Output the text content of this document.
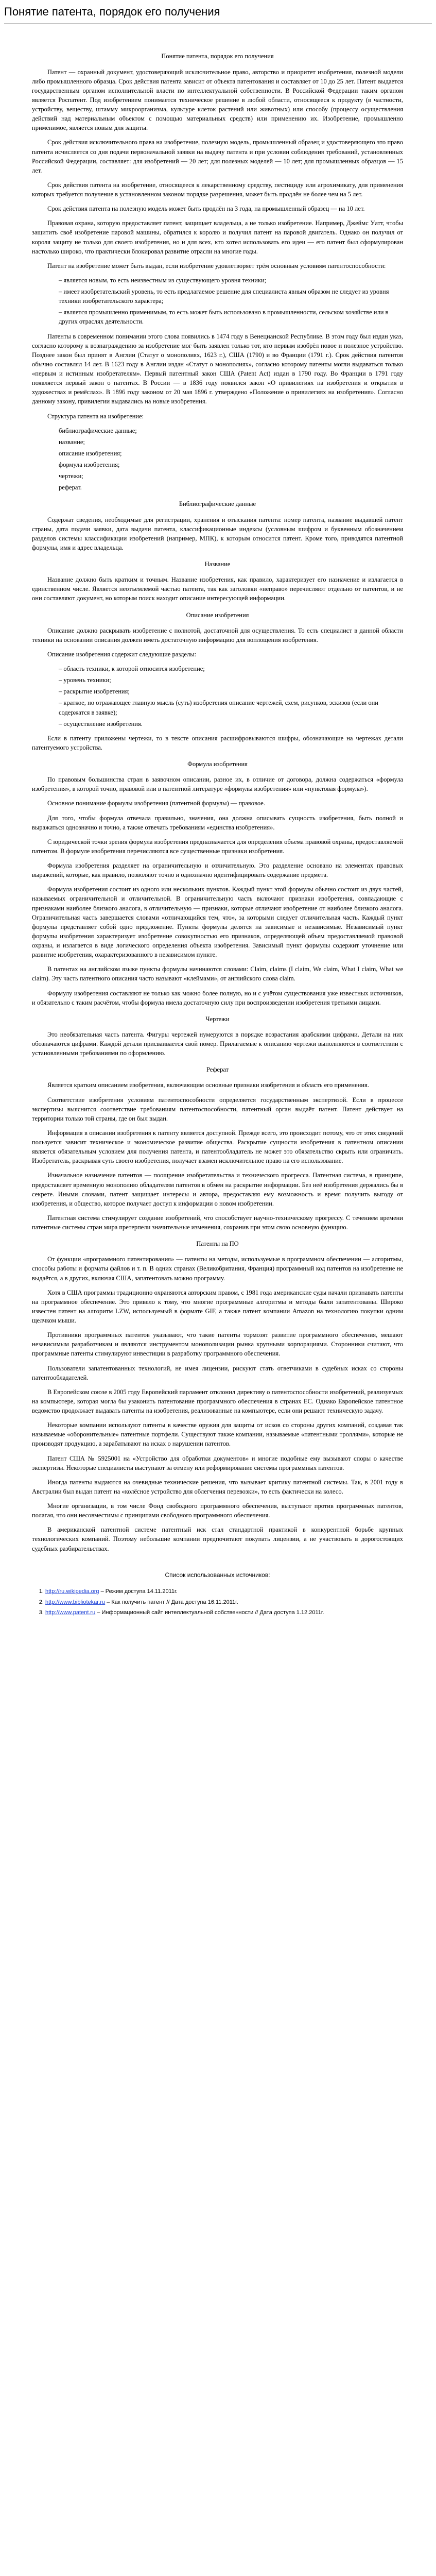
Понятие патента, порядок его получения

Понятие патента, порядок его получения

Патент — охранный документ, удостоверяющий исключительное право, авторство и приоритет изобретения, полезной модели либо промышленного образца. Срок действия патента зависит от объекта патентования и составляет от 10 до 25 лет. Патент выдается государственным органом исполнительной власти по интеллектуальной собственности. В Российской Федерации таким органом является Роспатент. Под изобретением понимается техническое решение в любой области, относящееся к продукту (в частности, устройству, веществу, штамму микроорганизма, культуре клеток растений или животных) или способу (процессу осуществления действий над материальным объектом с помощью материальных средств) или применению их. Изобретение, промышленно применимое, является новым для защиты.

Срок действия исключительного права на изобретение, полезную модель, промышленный образец и удостоверяющего это право патента исчисляется со дня подачи первоначальной заявки на выдачу патента и при условии соблюдения требований, установленных Российской Федерации, составляет: для изобретений — 20 лет; для полезных моделей — 10 лет; для промышленных образцов — 15 лет.

Срок действия патента на изобретение, относящееся к лекарственному средству, пестициду или агрохимикату, для применения которых требуется получение в установленном законом порядке разрешения, может быть продлён не более чем на 5 лет.

Срок действия патента на полезную модель может быть продлён на 3 года, на промышленный образец — на 10 лет.

Правовая охрана, которую предоставляет патент, защищает владельца, а не только изобретение. Например, Джеймс Уатт, чтобы защитить своё изобретение паровой машины, обратился к королю и получил патент на паровой двигатель. Однако он получил от короля защиту не только для своего изобретения, но и для всех, кто хотел использовать его идеи — его патент был сформулирован настолько широко, что практически блокировал развитие отрасли на многие годы.

Патент на изобретение может быть выдан, если изобретение удовлетворяет трём основным условиям патентоспособности:

– является новым, то есть неизвестным из существующего уровня техники;
– имеет изобретательский уровень, то есть предлагаемое решение для специалиста явным образом не следует из уровня техники изобретательского характера;
– является промышленно применимым, то есть может быть использовано в промышленности, сельском хозяйстве или в других отраслях деятельности.

Патенты в современном понимании этого слова появились в 1474 году в Венецианской Республике. В этом году был издан указ, согласно которому к вознаграждению за изобретение мог быть заявлен только тот, кто первым изобрёл новое и полезное устройство. Позднее закон был принят в Англии (Статут о монополиях, 1623 г.), США (1790) и во Франции (1791 г.). Срок действия патентов обычно составлял 14 лет. В 1623 году в Англии издан «Статут о монополиях», согласно которому патенты могли выдаваться только «первым и истинным изобретателям». Первый патентный закон США (Patent Act) издан в 1790 году. Во Франции в 1791 году появляется первый закон о патентах. В России — в 1836 году появился закон «О привилегиях на изобретения и открытия в художествах и ремёслах». В 1896 году законом от 20 мая 1896 г. утверждено «Положение о привилегиях на изобретения». Согласно данному закону, привилегии выдавались на новые изобретения.

Структура патента на изобретение:

библиографические данные;
название;
описание изобретения;
формула изобретения;
чертежи;
реферат.

Библиографические данные

Содержат сведения, необходимые для регистрации, хранения и отыскания патента: номер патента, название выдавшей патент страны, дата подачи заявки, дата выдачи патента, классификационные индексы (условным шифром и буквенным обозначением разделов системы классификации изобретений (например, МПК), к которым относится патент. Кроме того, приводятся патентной формулы, имя и адрес владельца.

Название

Название должно быть кратким и точным. Название изобретения, как правило, характеризует его назначение и излагается в единственном числе. Является неотъемлемой частью патента, так как заголовки «неправо» перечисляют отдельно от патентов, и не они составляют документ, но которым поиск находит описание интересующей информации.

Описание изобретения

Описание должно раскрывать изобретение с полнотой, достаточной для осуществления. То есть специалист в данной области техники на основании описания должен иметь достаточную информацию для воплощения изобретения.

Описание изобретения содержит следующие разделы:

– область техники, к которой относится изобретение;
– уровень техники;
– раскрытие изобретения;
– краткое, но отражающее главную мысль (суть) изобретения описание чертежей, схем, рисунков, эскизов (если они содержатся в заявке);
– осуществление изобретения.

Если в патенту приложены чертежи, то в тексте описания расшифровываются шифры, обозначающие на чертежах детали патентуемого устройства.

Формула изобретения

По правовым большинства стран в заявочном описании, разное их, в отличие от договора, должна содержаться «формула изобретения», в которой точно, правовой или в патентной литературе «формулы изобретения» или «пунктовая формула»).

Основное понимание формулы изобретения (патентной формулы) — правовое.

Для того, чтобы формула отвечала правильно, значения, она должна описывать сущность изобретения, быть полной и выражаться однозначно и точно, а также отвечать требованиям «единства изобретения».

С юридической точки зрения формула изобретения предназначается для определения объема правовой охраны, предоставляемой патентом. В формуле изобретения перечисляются все существенные признаки изобретения.

Формула изобретения разделяет на ограничительную и отличительную. Это разделение основано на элементах правовых выражений, которые, как правило, позволяют точно и однозначно идентифицировать содержание предмета.

Формула изобретения состоит из одного или нескольких пунктов. Каждый пункт этой формулы обычно состоит из двух частей, называемых ограничительной и отличительной. В ограничительную часть включают признаки изобретения, совпадающие с признаками наиболее близкого аналога, в отличительную — признаки, которые отличают изобретение от наиболее близкого аналога. Ограничительная часть завершается словами «отличающийся тем, что», за которыми следует отличительная часть. Каждый пункт формулы представляет собой одно предложение. Пункты формулы делятся на зависимые и независимые. Независимый пункт формулы изобретения характеризует изобретение совокупностью его признаков, определяющей объем предоставляемой правовой охраны, и излагается в виде логического определения объекта изобретения. Зависимый пункт формулы содержит уточнение или развитие изобретения, охарактеризованного в независимом пункте.

В патентах на английском языке пункты формулы начинаются словами: Claim, claims (I claim, We claim, What I claim, What we claim). Эту часть патентного описания часто называют «клеймами», от английского слова claim.

Формулу изобретения составляют не только как можно более полную, но и с учётом существования уже известных источников, и обязательно с таким расчётом, чтобы формула имела достаточную силу при воспроизведении изобретения третьими лицами.

Чертежи

Это необязательная часть патента. Фигуры чертежей нумеруются в порядке возрастания арабскими цифрами. Детали на них обозначаются цифрами. Каждой детали присваивается свой номер. Прилагаемые к описанию чертежи выполняются в соответствии с установленными требованиями по оформлению.

Реферат

Является кратким описанием изобретения, включающим основные признаки изобретения и область его применения.

Соответствие изобретения условиям патентоспособности определяется государственным экспертизой. Если в процессе экспертизы выяснится соответствие требованиям патентоспособности, патентный орган выдаёт патент. Патент действует на территории только той страны, где он был выдан.

Информация в описании изобретения к патенту является доступной. Прежде всего, это происходит потому, что от этих сведений пользуется зависит техническое и экономическое развитие общества. Раскрытие сущности изобретения в патентном описании является обязательным условием для получения патента, и патентообладатель не может это обязательство скрыть или ограничить. Изобретатель, раскрывая суть своего изобретения, получает взамен исключительное право на его использование.

Изначальное назначение патентов — поощрение изобретательства и технического прогресса. Патентная система, в принципе, предоставляет временную монополию обладателям патентов в обмен на раскрытие информации. Без неё изобретения держались бы в секрете. Иными словами, патент защищает интересы и автора, предоставляя ему возможность и время получить выгоду от изобретения, и общество, которое получает доступ к информации о новом изобретении.

Патентная система стимулирует создание изобретений, что способствует научно-техническому прогрессу. С течением времени патентные системы стран мира претерпели значительные изменения, сохранив при этом свою основную функцию.

Патенты на ПО

От функции «программного патентирования» — патенты на методы, используемые в программном обеспечении — алгоритмы, способы работы и форматы файлов и т. п. В одних странах (Великобритания, Франция) программный код патентов на изобретение не выдаётся, а в других, включая США, запатентовать можно программу.

Хотя в США программы традиционно охраняются авторским правом, с 1981 года американские суды начали признавать патенты на программное обеспечение. Это привело к тому, что многие программные алгоритмы и методы были запатентованы. Широко известен патент на алгоритм LZW, используемый в формате GIF, а также патент компании Amazon на технологию покупки одним щелчком мыши.

Противники программных патентов указывают, что такие патенты тормозят развитие программного обеспечения, мешают независимым разработчикам и являются инструментом монополизации рынка крупными корпорациями. Сторонники считают, что программные патенты стимулируют инвестиции в разработку программного обеспечения.

Пользователи запатентованных технологий, не имея лицензии, рискуют стать ответчиками в судебных исках со стороны патентообладателей.

В Европейском союзе в 2005 году Европейский парламент отклонил директиву о патентоспособности изобретений, реализуемых на компьютере, которая могла бы узаконить патентование программного обеспечения в странах ЕС. Однако Европейское патентное ведомство продолжает выдавать патенты на изобретения, реализованные на компьютере, если они решают техническую задачу.

Некоторые компании используют патенты в качестве оружия для защиты от исков со стороны других компаний, создавая так называемые «оборонительные» патентные портфели. Существуют также компании, называемые «патентными троллями», которые не производят продукцию, а зарабатывают на исках о нарушении патентов.

Патент США № 5925001 на «Устройство для обработки документов» и многие подобные ему вызывают споры о качестве экспертизы. Некоторые специалисты выступают за отмену или реформирование системы программных патентов.

Иногда патенты выдаются на очевидные технические решения, что вызывает критику патентной системы. Так, в 2001 году в Австралии был выдан патент на «колёсное устройство для облегчения перевозки», то есть фактически на колесо.

Многие организации, в том числе Фонд свободного программного обеспечения, выступают против программных патентов, полагая, что они несовместимы с принципами свободного программного обеспечения.

В американской патентной системе патентный иск стал стандартной практикой в конкурентной борьбе крупных технологических компаний. Поэтому небольшие компании предпочитают покупать лицензии, а не участвовать в дорогостоящих судебных разбирательствах.

Список использованных источников:

1. http://ru.wikipedia.org – Режим доступа 14.11.2011г.
2. http://www.bibliotekar.ru – Как получить патент // Дата доступа 16.11.2011г.
3. http://www.patent.ru – Информационный сайт интеллектуальной собственности // Дата доступа 1.12.2011г.
